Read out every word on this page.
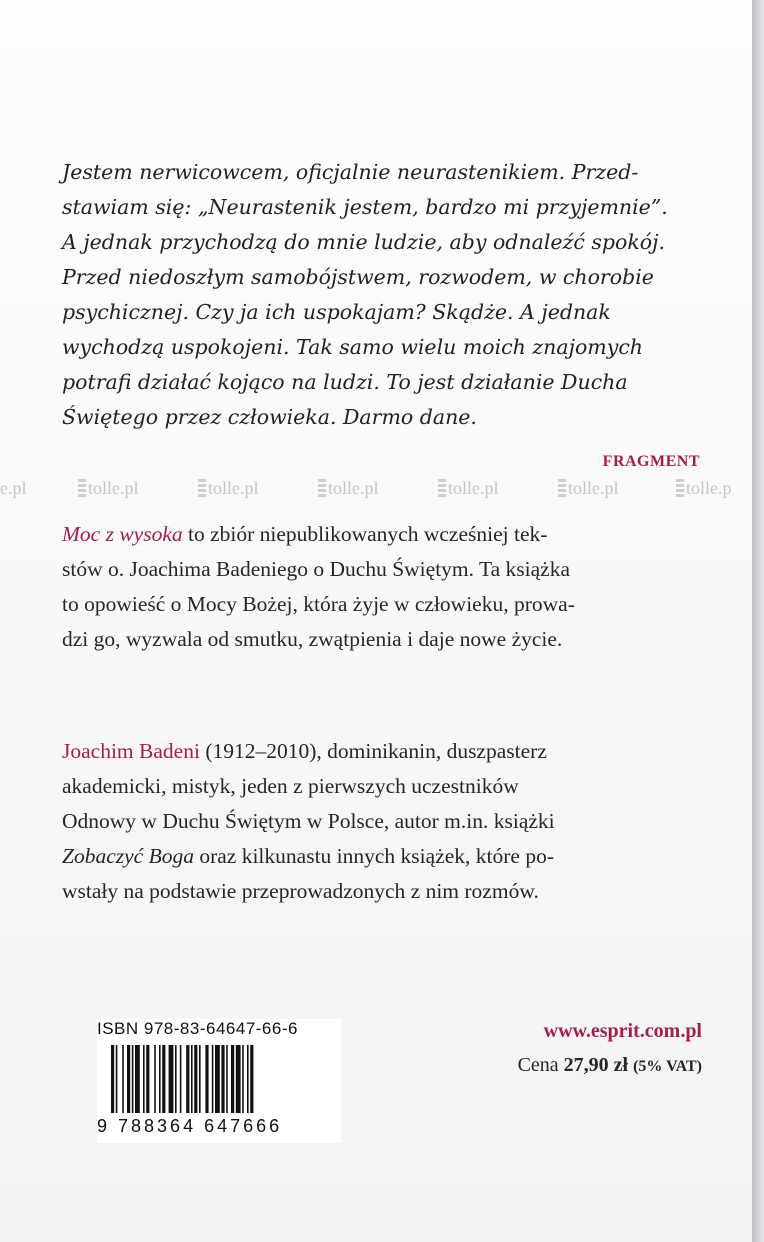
Jestem nerwicowcem, oficjalnie neurastenikiem. Przed-

stawiam się: „Neurastenik jestem, bardzo mi przyjemnie”.

A jednak przychodzą do mnie ludzie, aby odnaleźć spokój.

Przed niedoszłym samobójstwem, rozwodem, w chorobie

psychicznej. Czy ja ich uspokajam? Skądże. A jednak

wychodzą uspokojeni. Tak samo wielu moich znajomych

potrafi działać kojąco na ludzi. To jest działanie Ducha

Świętego przez człowieka. Darmo dane.

FRAGMENT
e.pl	tolle.pl	tolle.pl	tolle.pl	tolle.pl	tolle.pl	tolle.p

Moc z wysoka to zbiór niepublikowanych wcześniej tek-

stów o. Joachima Badeniego o Duchu Świętym. Ta książka

to opowieść o Mocy Bożej, która żyje w człowieku, prowa-

dzi go, wyzwala od smutku, zwątpienia i daje nowe życie.

Joachim Badeni (1912–2010), dominikanin, duszpasterz

akademicki, mistyk, jeden z pierwszych uczestników

Odnowy w Duchu Świętym w Polsce, autor m.in. książki

Zobaczyć Boga oraz kilkunastu innych książek, które po-

wstały na podstawie przeprowadzonych z nim rozmów.

ISBN 978-83-64647-66-6
9 788364 647666
www.esprit.com.pl
Cena 27,90 zł (5% VAT)
